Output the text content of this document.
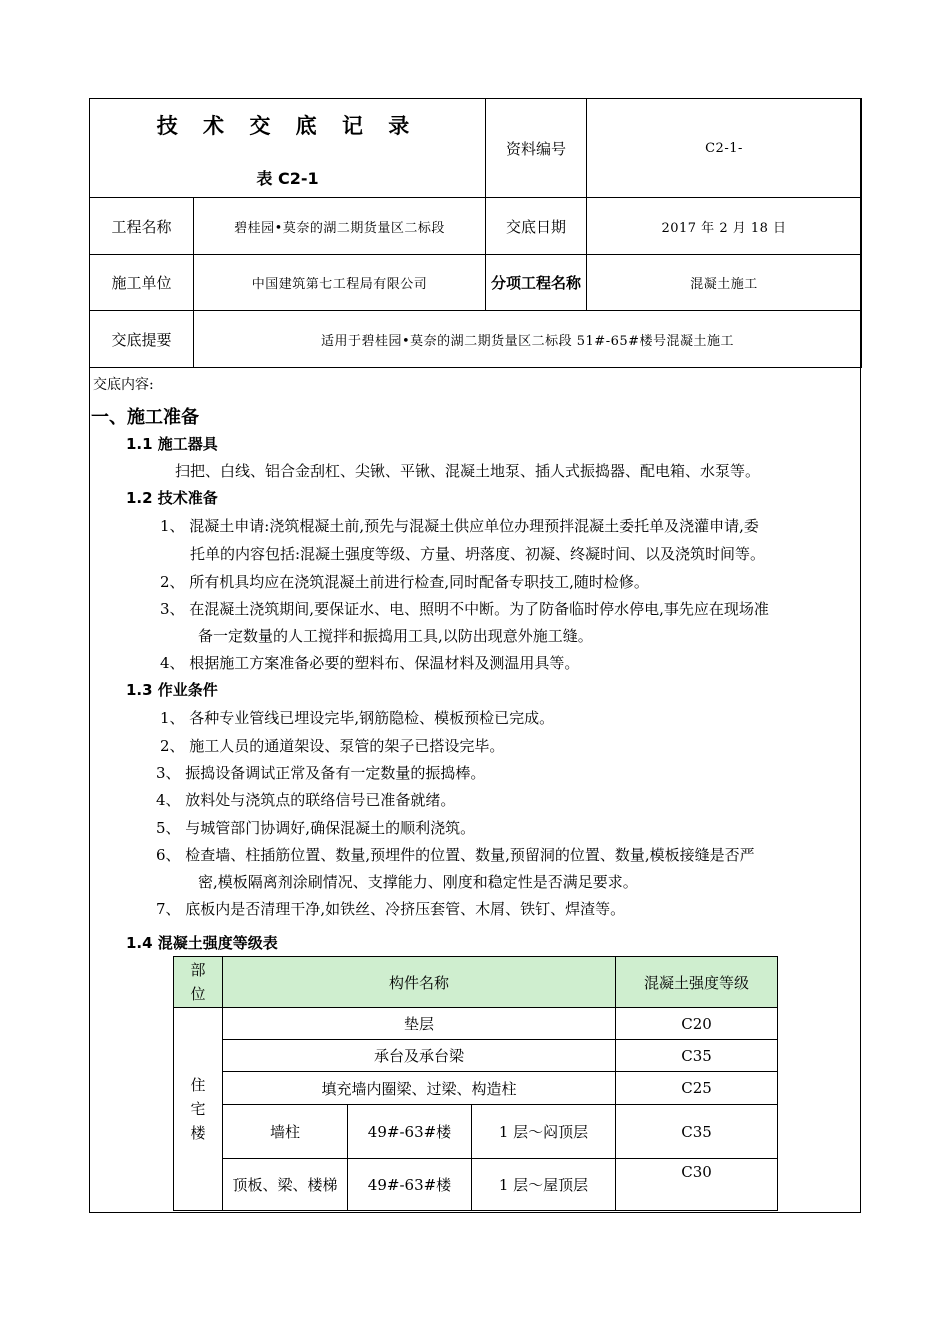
技 术 交 底 记 录
表 C2-1		资料编号	C2-1-
工程名称	碧桂园•莫奈的湖二期货量区二标段	交底日期	2017 年 2 月 18 日
施工单位	中国建筑第七工程局有限公司	分项工程名称	混凝土施工
交底提要	适用于碧桂园•莫奈的湖二期货量区二标段 51#-65#楼号混凝土施工		
交底内容:
一、施工准备
1.1 施工器具
扫把、白线、铝合金刮杠、尖锹、平锹、混凝土地泵、插人式振捣器、配电箱、水泵等。
1.2 技术准备
1、 混凝土申请:浇筑棍凝土前,预先与混凝土供应单位办理预拌混凝土委托单及浇灌申请,委
托单的内容包括:混凝土强度等级、方量、坍落度、初凝、终凝时间、以及浇筑时间等。
2、 所有机具均应在浇筑混凝土前进行检查,同时配备专职技工,随时检修。
3、 在混凝土浇筑期间,要保证水、电、照明不中断。为了防备临时停水停电,事先应在现场准
备一定数量的人工搅拌和振捣用工具,以防出现意外施工缝。
4、 根据施工方案准备必要的塑料布、保温材料及测温用具等。
1.3 作业条件
1、 各种专业管线已埋设完毕,钢筋隐检、模板预检已完成。
2、 施工人员的通道架设、泵管的架子已搭设完毕。
3、 振捣设备调试正常及备有一定数量的振捣棒。
4、 放料处与浇筑点的联络信号已准备就绪。
5、 与城管部门协调好,确保混凝土的顺利浇筑。
6、 检查墙、柱插筋位置、数量,预埋件的位置、数量,预留洞的位置、数量,模板接缝是否严
密,模板隔离剂涂刷情况、支撑能力、刚度和稳定性是否满足要求。
7、 底板内是否清理干净,如铁丝、冷挤压套管、木屑、铁钉、焊渣等。
1.4 混凝土强度等级表
部
位	构件名称			混凝土强度等级

住
宅
楼	垫层			C20
	承台及承台梁			C35
	填充墙内圈梁、过梁、构造柱			C25
	墙柱	49#-63#楼	1 层～闷顶层	C35
	顶板、梁、楼梯	49#-63#楼	1 层～屋顶层	C30
